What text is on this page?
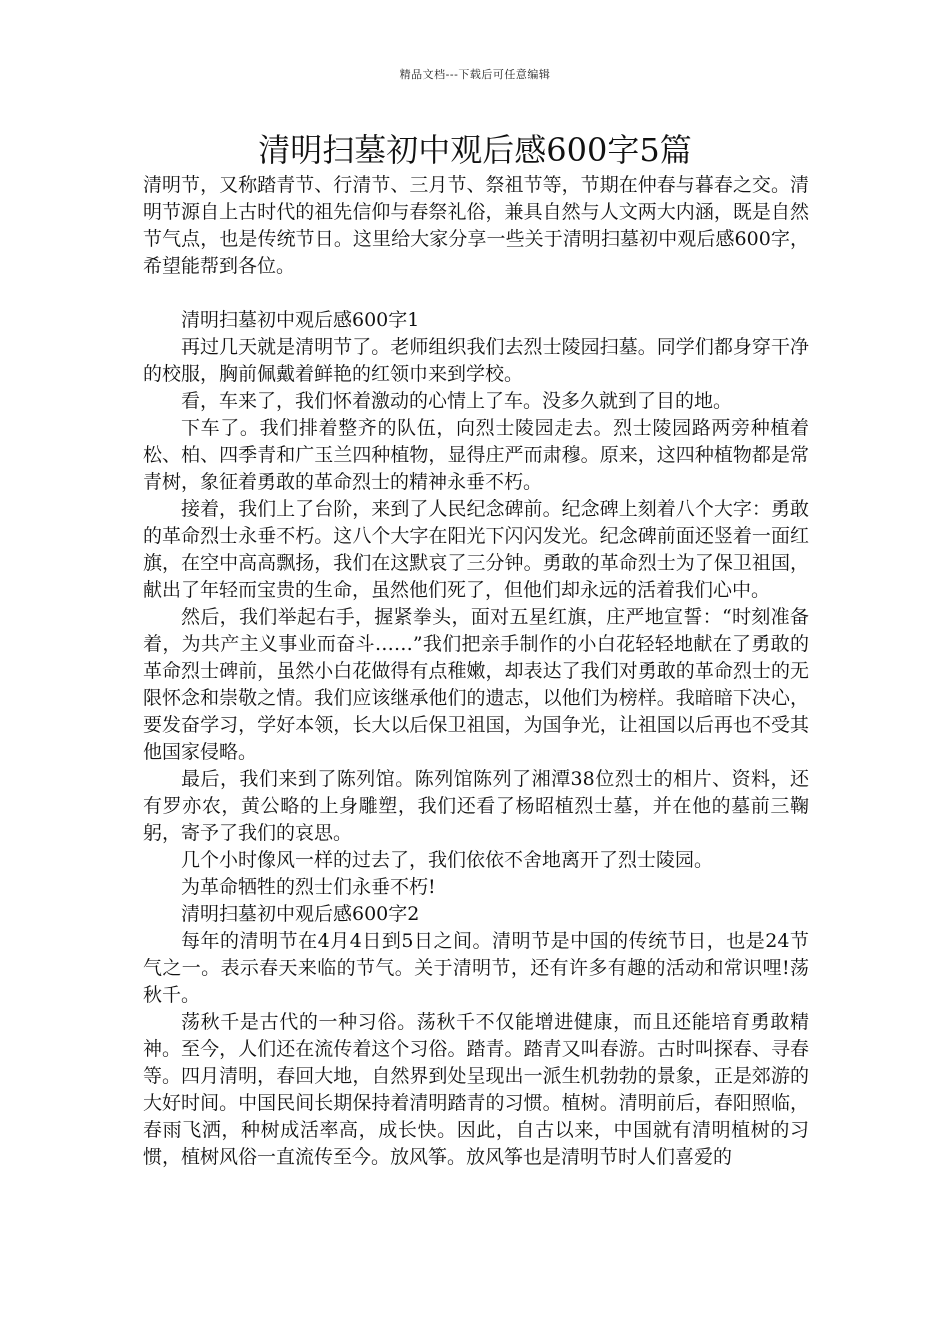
精品文档---下载后可任意编辑
清明扫墓初中观后感600字5篇

清明节，又称踏青节、行清节、三月节、祭祖节等，节期在仲春与暮春之交。清明节源自上古时代的祖先信仰与春祭礼俗，兼具自然与人文两大内涵，既是自然节气点，也是传统节日。这里给大家分享一些关于清明扫墓初中观后感600字，希望能帮到各位。

清明扫墓初中观后感600字1

再过几天就是清明节了。老师组织我们去烈士陵园扫墓。同学们都身穿干净的校服，胸前佩戴着鲜艳的红领巾来到学校。

看，车来了，我们怀着激动的心情上了车。没多久就到了目的地。

下车了。我们排着整齐的队伍，向烈士陵园走去。烈士陵园路两旁种植着松、柏、四季青和广玉兰四种植物，显得庄严而肃穆。原来，这四种植物都是常青树，象征着勇敢的革命烈士的精神永垂不朽。

接着，我们上了台阶，来到了人民纪念碑前。纪念碑上刻着八个大字：勇敢的革命烈士永垂不朽。这八个大字在阳光下闪闪发光。纪念碑前面还竖着一面红旗，在空中高高飘扬，我们在这默哀了三分钟。勇敢的革命烈士为了保卫祖国，献出了年轻而宝贵的生命，虽然他们死了，但他们却永远的活着我们心中。

然后，我们举起右手，握紧拳头，面对五星红旗，庄严地宣誓：“时刻准备着，为共产主义事业而奋斗……”我们把亲手制作的小白花轻轻地献在了勇敢的革命烈士碑前，虽然小白花做得有点稚嫩，却表达了我们对勇敢的革命烈士的无限怀念和崇敬之情。我们应该继承他们的遗志，以他们为榜样。我暗暗下决心，要发奋学习，学好本领，长大以后保卫祖国，为国争光，让祖国以后再也不受其他国家侵略。

最后，我们来到了陈列馆。陈列馆陈列了湘潭38位烈士的相片、资料，还有罗亦农，黄公略的上身雕塑，我们还看了杨昭植烈士墓，并在他的墓前三鞠躬，寄予了我们的哀思。

几个小时像风一样的过去了，我们依依不舍地离开了烈士陵园。

为革命牺牲的烈士们永垂不朽!

清明扫墓初中观后感600字2

每年的清明节在4月4日到5日之间。清明节是中国的传统节日，也是24节气之一。表示春天来临的节气。关于清明节，还有许多有趣的活动和常识哩!荡秋千。

荡秋千是古代的一种习俗。荡秋千不仅能增进健康，而且还能培育勇敢精神。至今，人们还在流传着这个习俗。踏青。踏青又叫春游。古时叫探春、寻春等。四月清明，春回大地，自然界到处呈现出一派生机勃勃的景象，正是郊游的大好时间。中国民间长期保持着清明踏青的习惯。植树。清明前后，春阳照临，春雨飞洒，种树成活率高，成长快。因此，自古以来，中国就有清明植树的习惯，植树风俗一直流传至今。放风筝。放风筝也是清明节时人们喜爱的
